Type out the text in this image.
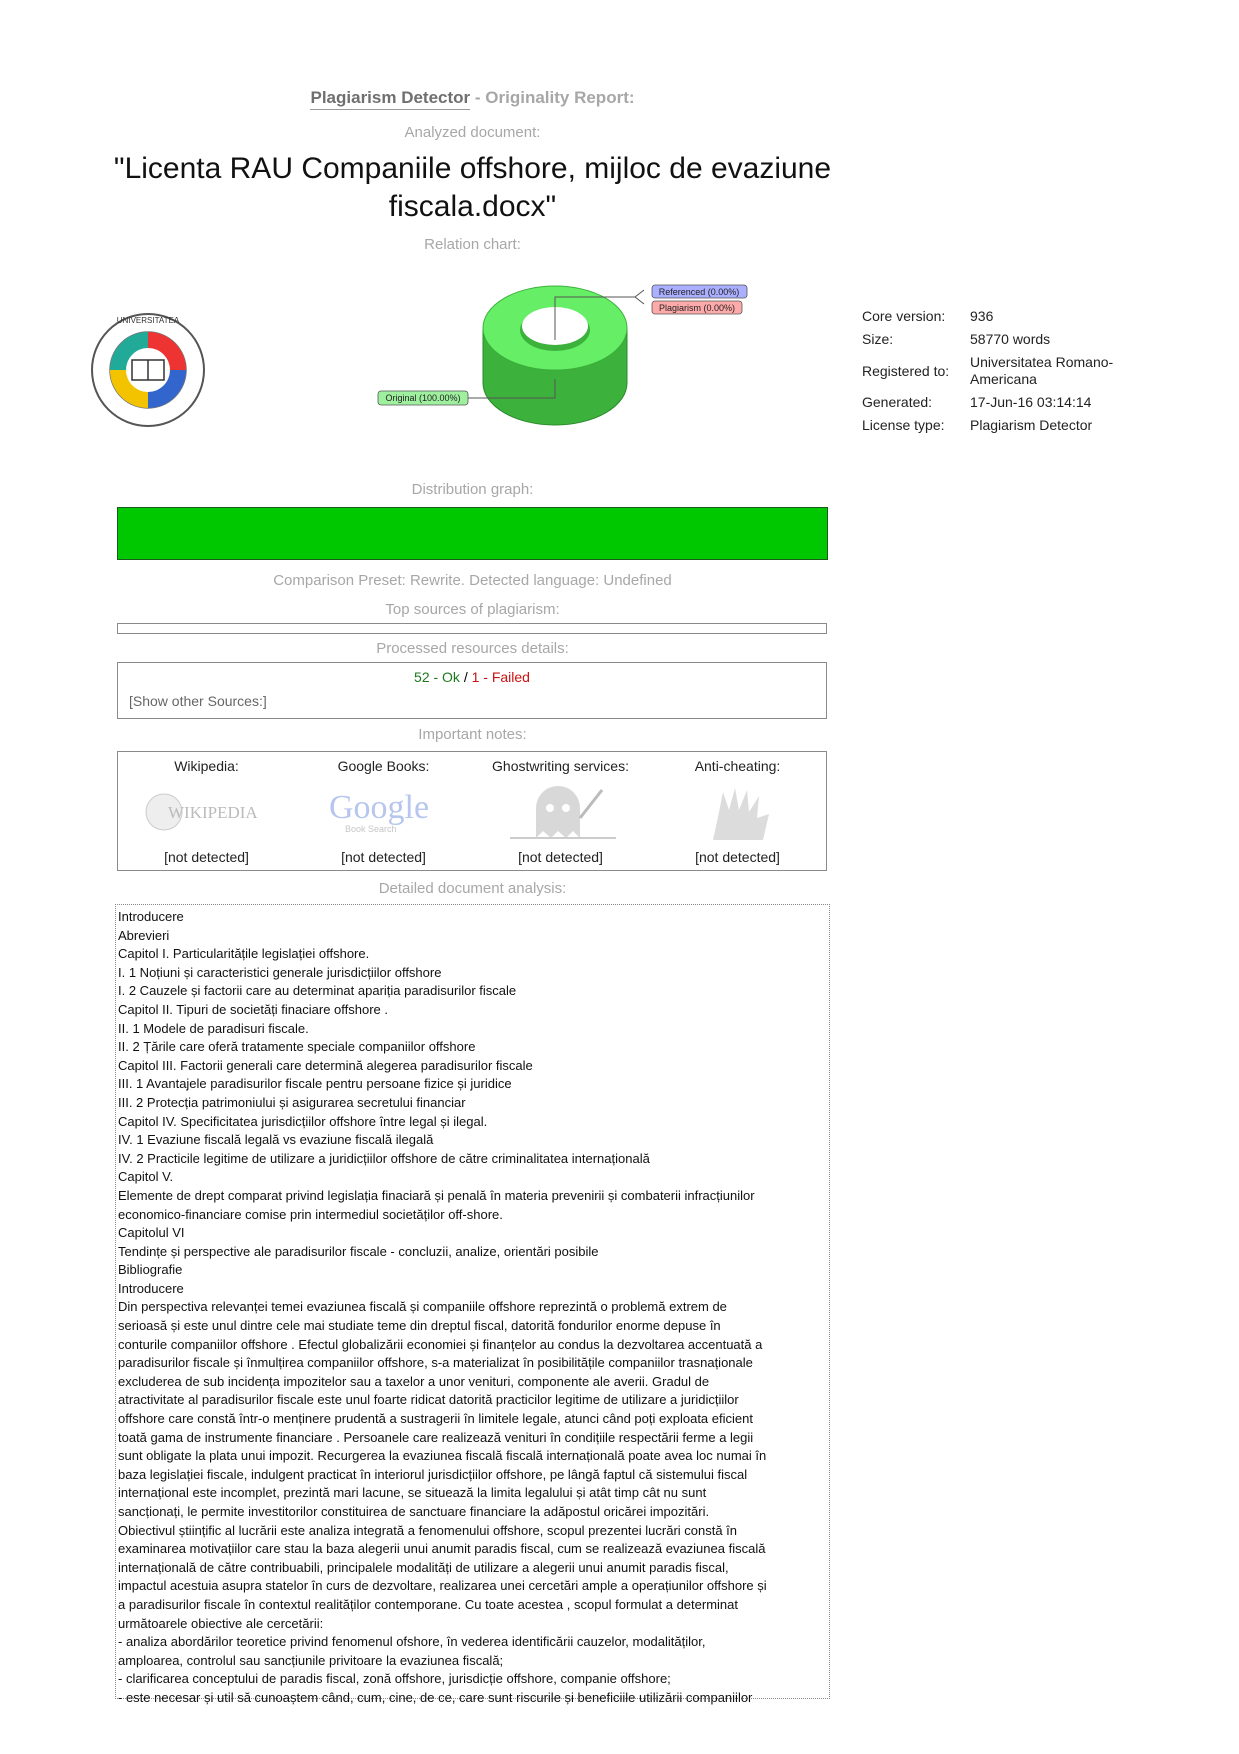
Plagiarism Detector - Originality Report:
Analyzed document:
"Licenta RAU Companiile offshore, mijloc de evaziune fiscala.docx"
Relation chart:
UNIVERSITATEA
Referenced (0.00%)
Plagiarism (0.00%)
Original (100.00%)
Core version:	936
Size:	58770 words
Registered to:	Universitatea Romano-Americana
Generated:	17-Jun-16 03:14:14
License type:	Plagiarism Detector
Distribution graph:
Comparison Preset: Rewrite. Detected language: Undefined
Top sources of plagiarism:
Processed resources details:
52 - Ok / 1 - Failed
[Show other Sources:]
Important notes:
Wikipedia:
WIKIPEDIA
[not detected]
Google Books:
Google
Book Search
[not detected]
Ghostwriting services:
[not detected]
Anti-cheating:
[not detected]
Detailed document analysis:
Introducere
Abrevieri
Capitol I. Particularitățile legislației offshore.
I. 1 Noțiuni și caracteristici generale jurisdicțiilor offshore
I. 2 Cauzele și factorii care au determinat apariția paradisurilor fiscale
Capitol II. Tipuri de societăți finaciare offshore .
II. 1 Modele de paradisuri fiscale.
II. 2 Țările care oferă tratamente speciale companiilor offshore
Capitol III. Factorii generali care determină alegerea paradisurilor fiscale
III. 1 Avantajele paradisurilor fiscale pentru persoane fizice și juridice
III. 2 Protecția patrimoniului și asigurarea secretului financiar
Capitol IV. Specificitatea jurisdicțiilor offshore între legal și ilegal.
IV. 1 Evaziune fiscală legală vs evaziune fiscală ilegală
IV. 2 Practicile legitime de utilizare a juridicțiilor offshore de către criminalitatea internațională
Capitol V.
Elemente de drept comparat privind legislația finaciară și penală în materia prevenirii și combaterii infracțiunilor
economico-financiare comise prin intermediul societăților off-shore.
Capitolul VI
Tendințe și perspective ale paradisurilor fiscale - concluzii, analize, orientări posibile
Bibliografie
Introducere
Din perspectiva relevanței temei evaziunea fiscală și companiile offshore reprezintă o problemă extrem de
serioasă și este unul dintre cele mai studiate teme din dreptul fiscal, datorită fondurilor enorme depuse în
conturile companiilor offshore . Efectul globalizării economiei și finanțelor au condus la dezvoltarea accentuată a
paradisurilor fiscale și înmulțirea companiilor offshore, s-a materializat în posibilitățile companiilor trasnaționale
excluderea de sub incidența impozitelor sau a taxelor a unor venituri, componente ale averii. Gradul de
atractivitate al paradisurilor fiscale este unul foarte ridicat datorită practicilor legitime de utilizare a juridicțiilor
offshore care constă într-o menținere prudentă a sustragerii în limitele legale, atunci când poți exploata eficient
toată gama de instrumente financiare . Persoanele care realizează venituri în condițiile respectării ferme a legii
sunt obligate la plata unui impozit. Recurgerea la evaziunea fiscală fiscală internațională poate avea loc numai în
baza legislației fiscale, indulgent practicat în interiorul jurisdicțiilor offshore, pe lângă faptul că sistemului fiscal
internațional este incomplet, prezintă mari lacune, se situează la limita legalului și atât timp cât nu sunt
sancționați, le permite investitorilor constituirea de sanctuare financiare la adăpostul oricărei impozitări.
Obiectivul științific al lucrării este analiza integrată a fenomenului offshore, scopul prezentei lucrări constă în
examinarea motivațiilor care stau la baza alegerii unui anumit paradis fiscal, cum se realizează evaziunea fiscală
internațională de către contribuabili, principalele modalități de utilizare a alegerii unui anumit paradis fiscal,
impactul acestuia asupra statelor în curs de dezvoltare, realizarea unei cercetări ample a operațiunilor offshore și
a paradisurilor fiscale în contextul realităților contemporane. Cu toate acestea , scopul formulat a determinat
următoarele obiective ale cercetării:
- analiza abordărilor teoretice privind fenomenul ofshore, în vederea identificării cauzelor, modalităților,
amploarea, controlul sau sancțiunile privitoare la evaziunea fiscală;
- clarificarea conceptului de paradis fiscal, zonă offshore, jurisdicție offshore, companie offshore;
- este necesar și util să cunoaștem când, cum, cine, de ce, care sunt riscurile și beneficiile utilizării companiilor
